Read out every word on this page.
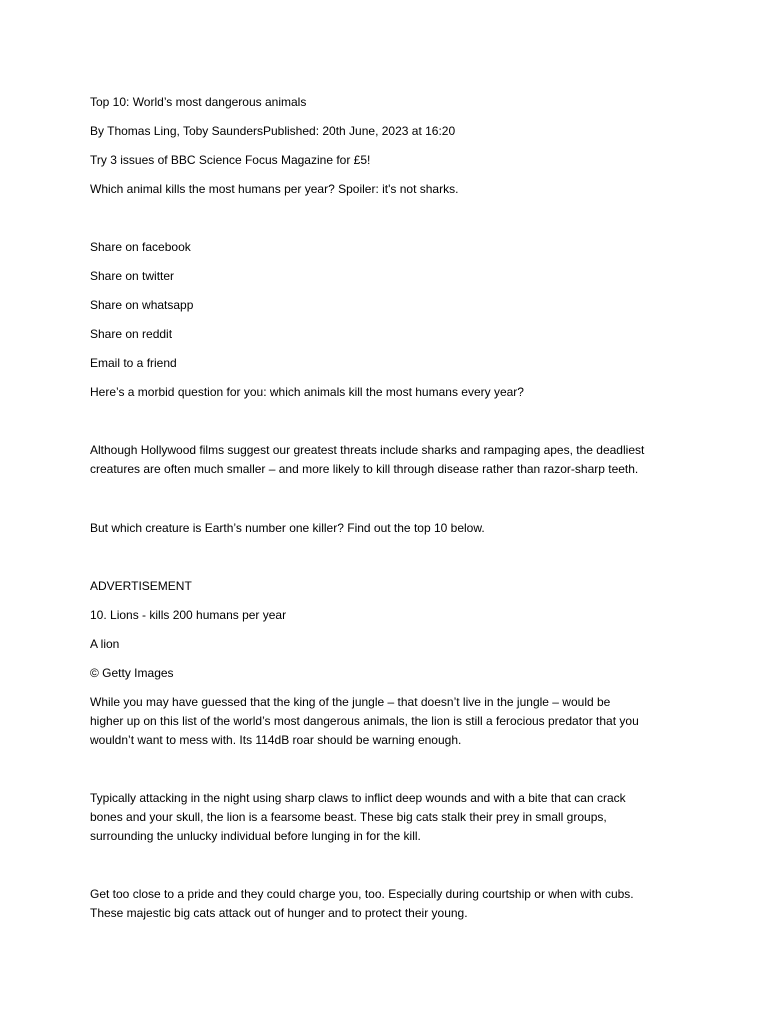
Top 10: World’s most dangerous animals

By Thomas Ling, Toby SaundersPublished: 20th June, 2023 at 16:20

Try 3 issues of BBC Science Focus Magazine for £5!

Which animal kills the most humans per year? Spoiler: it's not sharks.

Share on facebook

Share on twitter

Share on whatsapp

Share on reddit

Email to a friend

Here’s a morbid question for you: which animals kill the most humans every year?

Although Hollywood films suggest our greatest threats include sharks and rampaging apes, the deadliest
creatures are often much smaller – and more likely to kill through disease rather than razor-sharp teeth.

But which creature is Earth’s number one killer? Find out the top 10 below.

ADVERTISEMENT

10. Lions - kills 200 humans per year

A lion

© Getty Images

While you may have guessed that the king of the jungle – that doesn’t live in the jungle – would be
higher up on this list of the world’s most dangerous animals, the lion is still a ferocious predator that you
wouldn’t want to mess with. Its 114dB roar should be warning enough.
Typically attacking in the night using sharp claws to inflict deep wounds and with a bite that can crack
bones and your skull, the lion is a fearsome beast. These big cats stalk their prey in small groups,
surrounding the unlucky individual before lunging in for the kill.
Get too close to a pride and they could charge you, too. Especially during courtship or when with cubs.
These majestic big cats attack out of hunger and to protect their young.
